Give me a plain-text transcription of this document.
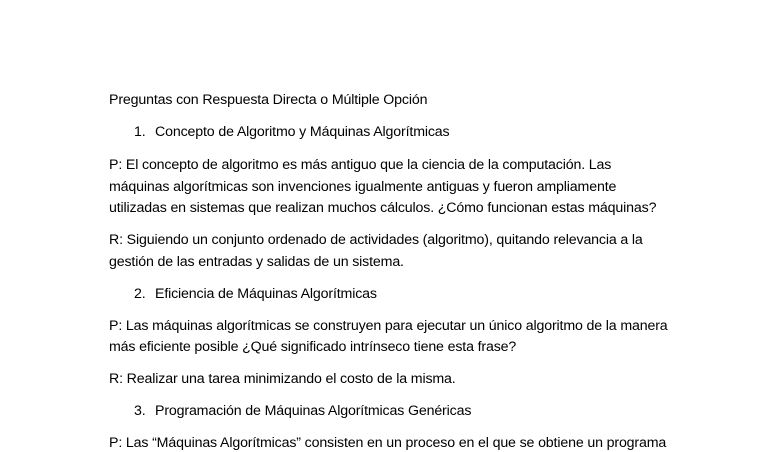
Preguntas con Respuesta Directa o Múltiple Opción
1. Concepto de Algoritmo y Máquinas Algorítmicas
P: El concepto de algoritmo es más antiguo que la ciencia de la computación. Las
máquinas algorítmicas son invenciones igualmente antiguas y fueron ampliamente
utilizadas en sistemas que realizan muchos cálculos. ¿Cómo funcionan estas máquinas?
R: Siguiendo un conjunto ordenado de actividades (algoritmo), quitando relevancia a la
gestión de las entradas y salidas de un sistema.
2. Eficiencia de Máquinas Algorítmicas
P: Las máquinas algorítmicas se construyen para ejecutar un único algoritmo de la manera
más eficiente posible ¿Qué significado intrínseco tiene esta frase?
R: Realizar una tarea minimizando el costo de la misma.
3. Programación de Máquinas Algorítmicas Genéricas
P: Las “Máquinas Algorítmicas” consisten en un proceso en el que se obtiene un programa
